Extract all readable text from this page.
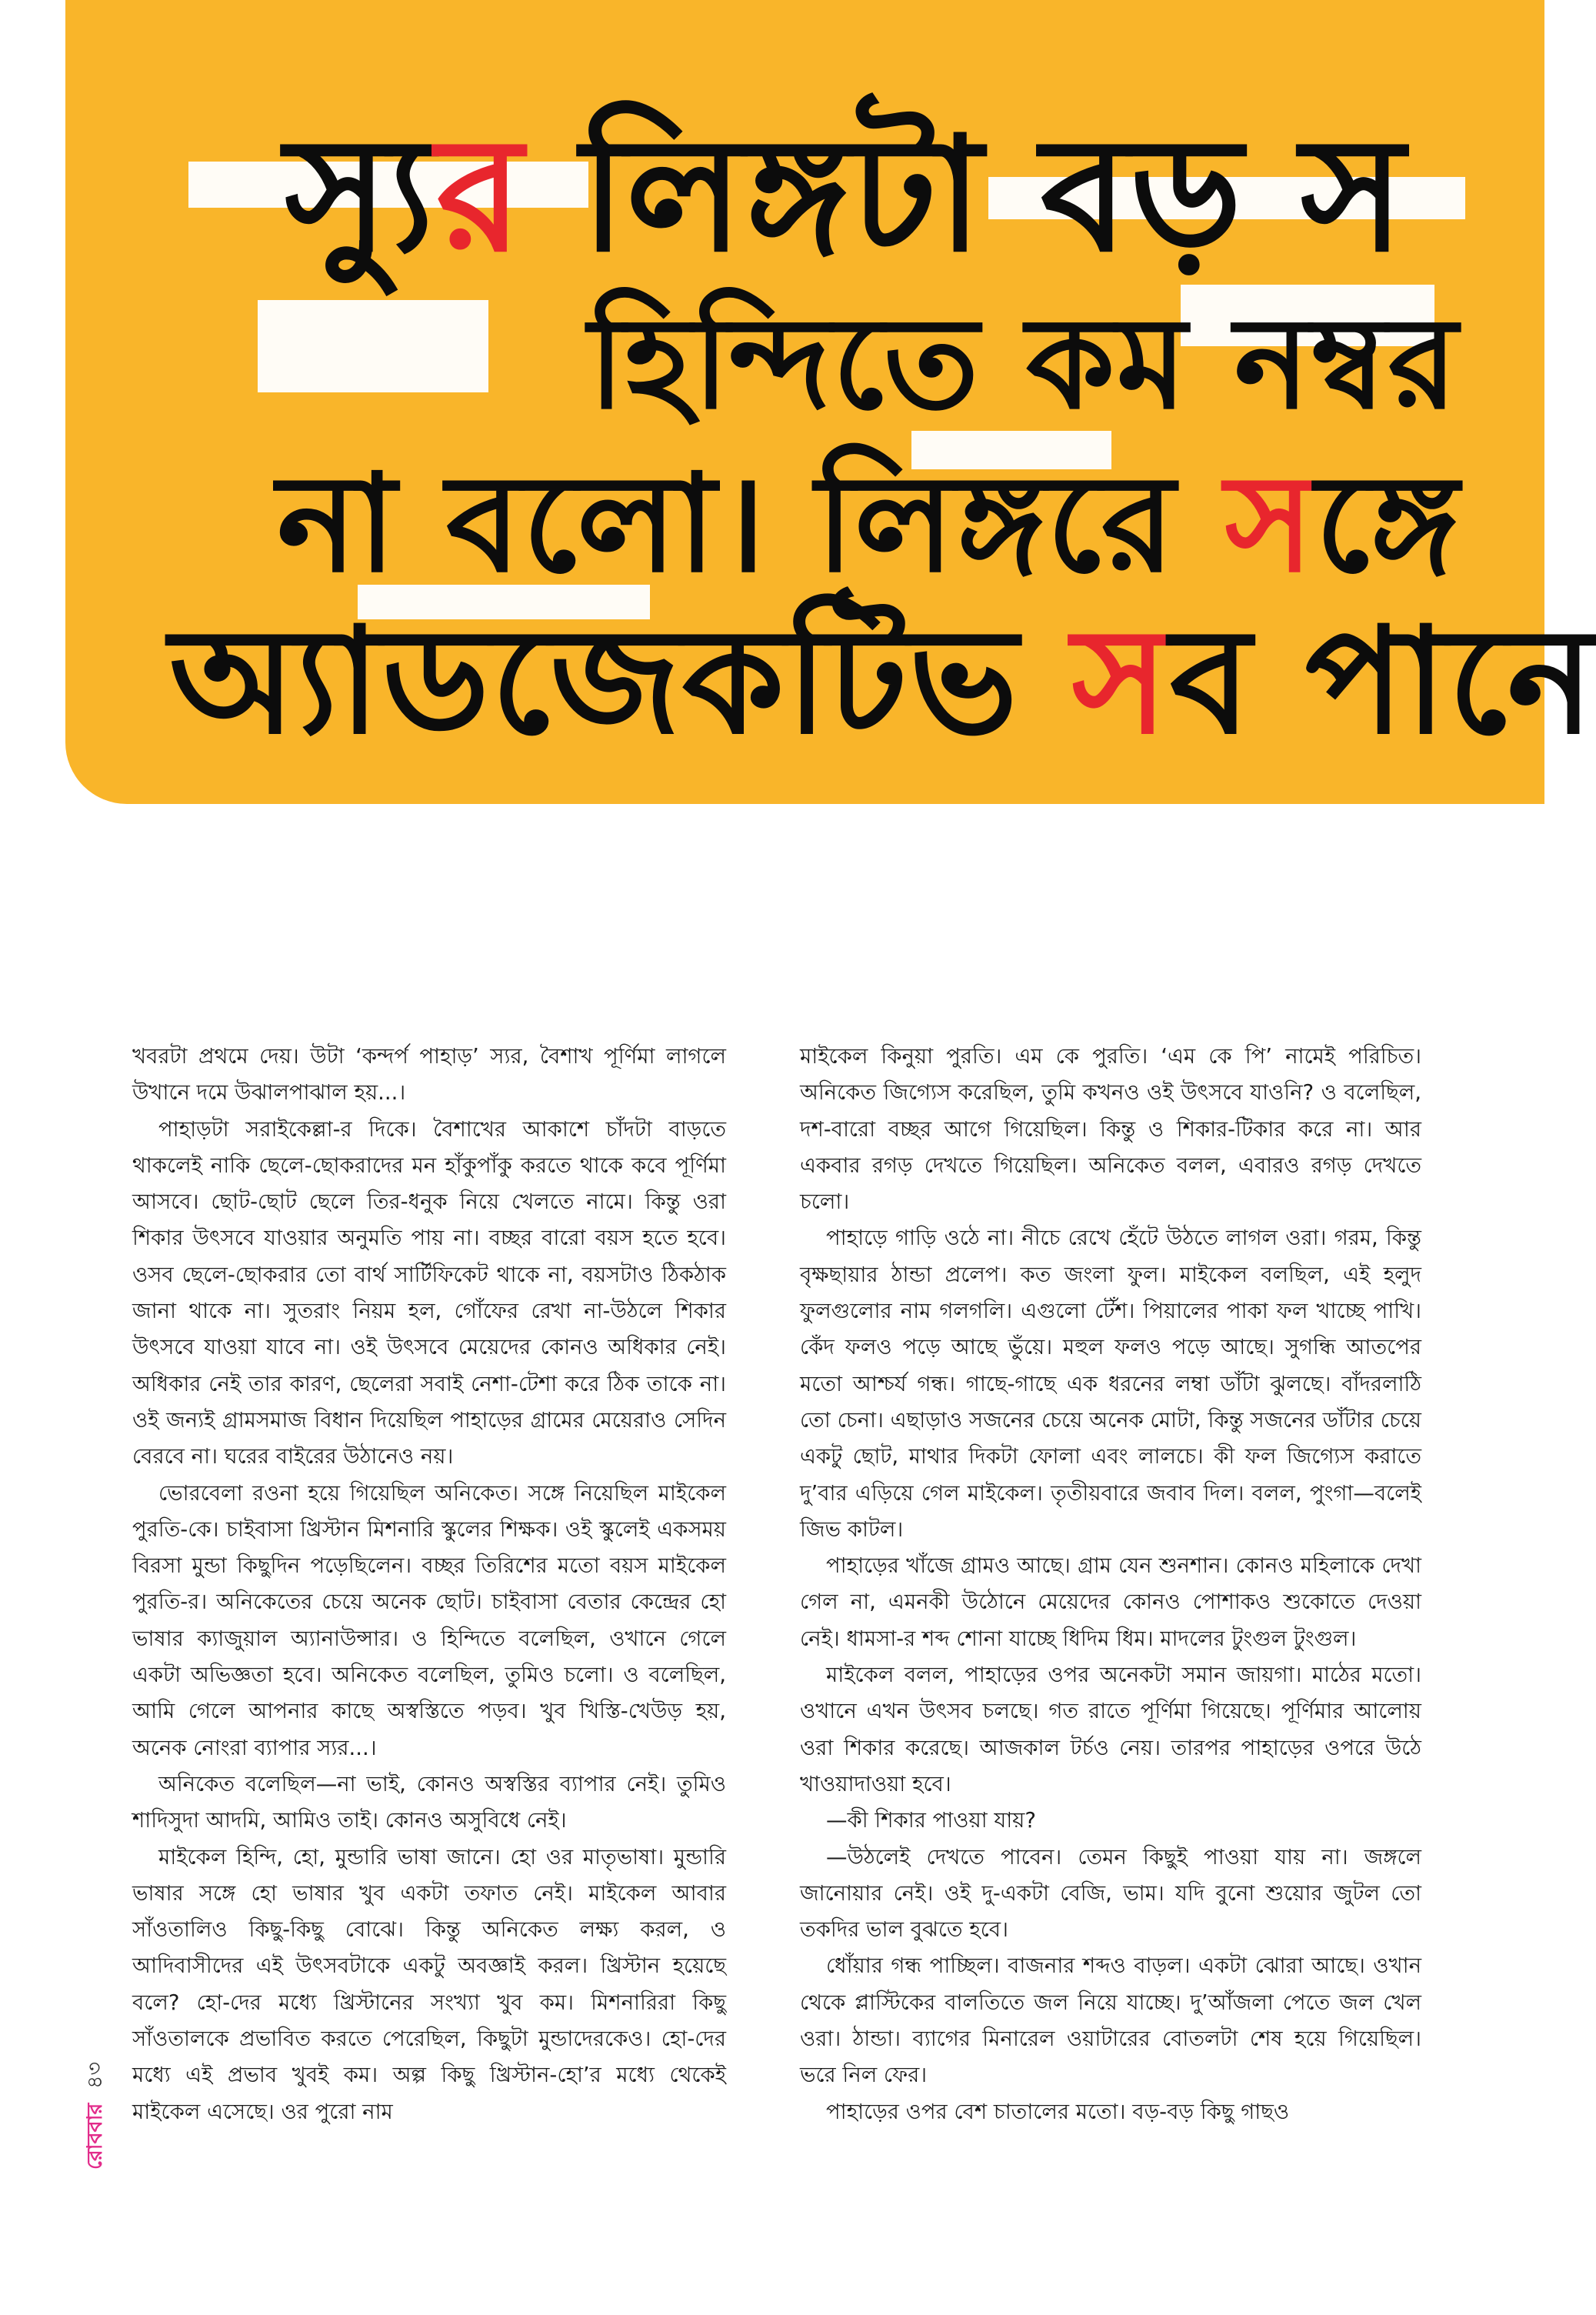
স্যুর লিঙ্গটা বড় স
হিন্দিতে কম নম্বর
না বলো। লিঙ্গরে সঙ্গে
অ্যাডজেকটিভ সব পানে

খবরটা প্রথমে দেয়। উটা ‘কন্দর্প পাহাড়’ স্যর, বৈশাখ পূর্ণিমা লাগলে উখানে দমে উঝালপাঝাল হয়...।

পাহাড়টা সরাইকেল্লা-র দিকে। বৈশাখের আকাশে চাঁদটা বাড়তে থাকলেই নাকি ছেলে-ছোকরাদের মন হাঁকুপাঁকু করতে থাকে কবে পূর্ণিমা আসবে। ছোট-ছোট ছেলে তির-ধনুক নিয়ে খেলতে নামে। কিন্তু ওরা শিকার উৎসবে যাওয়ার অনুমতি পায় না। বচ্ছর বারো বয়স হতে হবে। ওসব ছেলে-ছোকরার তো বার্থ সার্টিফিকেট থাকে না, বয়সটাও ঠিকঠাক জানা থাকে না। সুতরাং নিয়ম হল, গোঁফের রেখা না-উঠলে শিকার উৎসবে যাওয়া যাবে না। ওই উৎসবে মেয়েদের কোনও অধিকার নেই। অধিকার নেই তার কারণ, ছেলেরা সবাই নেশা-টেশা করে ঠিক তাকে না। ওই জন্যই গ্রামসমাজ বিধান দিয়েছিল পাহাড়ের গ্রামের মেয়েরাও সেদিন বেরবে না। ঘরের বাইরের উঠানেও নয়।

ভোরবেলা রওনা হয়ে গিয়েছিল অনিকেত। সঙ্গে নিয়েছিল মাইকেল পুরতি-কে। চাইবাসা খ্রিস্টান মিশনারি স্কুলের শিক্ষক। ওই স্কুলেই একসময় বিরসা মুন্ডা কিছুদিন পড়েছিলেন। বচ্ছর তিরিশের মতো বয়স মাইকেল পুরতি-র। অনিকেতের চেয়ে অনেক ছোট। চাইবাসা বেতার কেন্দ্রের হো ভাষার ক্যাজুয়াল অ্যানাউন্সার। ও হিন্দিতে বলেছিল, ওখানে গেলে একটা অভিজ্ঞতা হবে। অনিকেত বলেছিল, তুমিও চলো। ও বলেছিল, আমি গেলে আপনার কাছে অস্বস্তিতে পড়ব। খুব খিস্তি-খেউড় হয়, অনেক নোংরা ব্যাপার স্যর...।

অনিকেত বলেছিল—না ভাই, কোনও অস্বস্তির ব্যাপার নেই। তুমিও শাদিসুদা আদমি, আমিও তাই। কোনও অসুবিধে নেই।

মাইকেল হিন্দি, হো, মুন্ডারি ভাষা জানে। হো ওর মাতৃভাষা। মুন্ডারি ভাষার সঙ্গে হো ভাষার খুব একটা তফাত নেই। মাইকেল আবার সাঁওতালিও কিছু-কিছু বোঝে। কিন্তু অনিকেত লক্ষ্য করল, ও আদিবাসীদের এই উৎসবটাকে একটু অবজ্ঞাই করল। খ্রিস্টান হয়েছে বলে? হো-দের মধ্যে খ্রিস্টানের সংখ্যা খুব কম। মিশনারিরা কিছু সাঁওতালকে প্রভাবিত করতে পেরেছিল, কিছুটা মুন্ডাদেরকেও। হো-দের মধ্যে এই প্রভাব খুবই কম। অল্প কিছু খ্রিস্টান-হো’র মধ্যে থেকেই মাইকেল এসেছে। ওর পুরো নাম

মাইকেল কিনুয়া পুরতি। এম কে পুরতি। ‘এম কে পি’ নামেই পরিচিত। অনিকেত জিগ্যেস করেছিল, তুমি কখনও ওই উৎসবে যাওনি? ও বলেছিল, দশ-বারো বচ্ছর আগে গিয়েছিল। কিন্তু ও শিকার-টিকার করে না। আর একবার রগড় দেখতে গিয়েছিল। অনিকেত বলল, এবারও রগড় দেখতে চলো।

পাহাড়ে গাড়ি ওঠে না। নীচে রেখে হেঁটে উঠতে লাগল ওরা। গরম, কিন্তু বৃক্ষছায়ার ঠান্ডা প্রলেপ। কত জংলা ফুল। মাইকেল বলছিল, এই হলুদ ফুলগুলোর নাম গলগলি। এগুলো টেঁশ। পিয়ালের পাকা ফল খাচ্ছে পাখি। কেঁদ ফলও পড়ে আছে ভুঁয়ে। মহুল ফলও পড়ে আছে। সুগন্ধি আতপের মতো আশ্চর্য গন্ধ। গাছে-গাছে এক ধরনের লম্বা ডাঁটা ঝুলছে। বাঁদরলাঠি তো চেনা। এছাড়াও সজনের চেয়ে অনেক মোটা, কিন্তু সজনের ডাঁটার চেয়ে একটু ছোট, মাথার দিকটা ফোলা এবং লালচে। কী ফল জিগ্যেস করাতে দু’বার এড়িয়ে গেল মাইকেল। তৃতীয়বারে জবাব দিল। বলল, পুংগা—বলেই জিভ কাটল।

পাহাড়ের খাঁজে গ্রামও আছে। গ্রাম যেন শুনশান। কোনও মহিলাকে দেখা গেল না, এমনকী উঠোনে মেয়েদের কোনও পোশাকও শুকোতে দেওয়া নেই। ধামসা-র শব্দ শোনা যাচ্ছে ধিদিম ধিম। মাদলের টুংগুল টুংগুল।

মাইকেল বলল, পাহাড়ের ওপর অনেকটা সমান জায়গা। মাঠের মতো। ওখানে এখন উৎসব চলছে। গত রাতে পূর্ণিমা গিয়েছে। পূর্ণিমার আলোয় ওরা শিকার করেছে। আজকাল টর্চও নেয়। তারপর পাহাড়ের ওপরে উঠে খাওয়াদাওয়া হবে।

—কী শিকার পাওয়া যায়?

—উঠলেই দেখতে পাবেন। তেমন কিছুই পাওয়া যায় না। জঙ্গলে জানোয়ার নেই। ওই দু-একটা বেজি, ভাম। যদি বুনো শুয়োর জুটল তো তকদির ভাল বুঝতে হবে।

ধোঁয়ার গন্ধ পাচ্ছিল। বাজনার শব্দও বাড়ল। একটা ঝোরা আছে। ওখান থেকে প্লাস্টিকের বালতিতে জল নিয়ে যাচ্ছে। দু’আঁজলা পেতে জল খেল ওরা। ঠান্ডা। ব্যাগের মিনারেল ওয়াটারের বোতলটা শেষ হয়ে গিয়েছিল। ভরে নিল ফের।

পাহাড়ের ওপর বেশ চাতালের মতো। বড়-বড় কিছু গাছও

রোববার ৪৩
